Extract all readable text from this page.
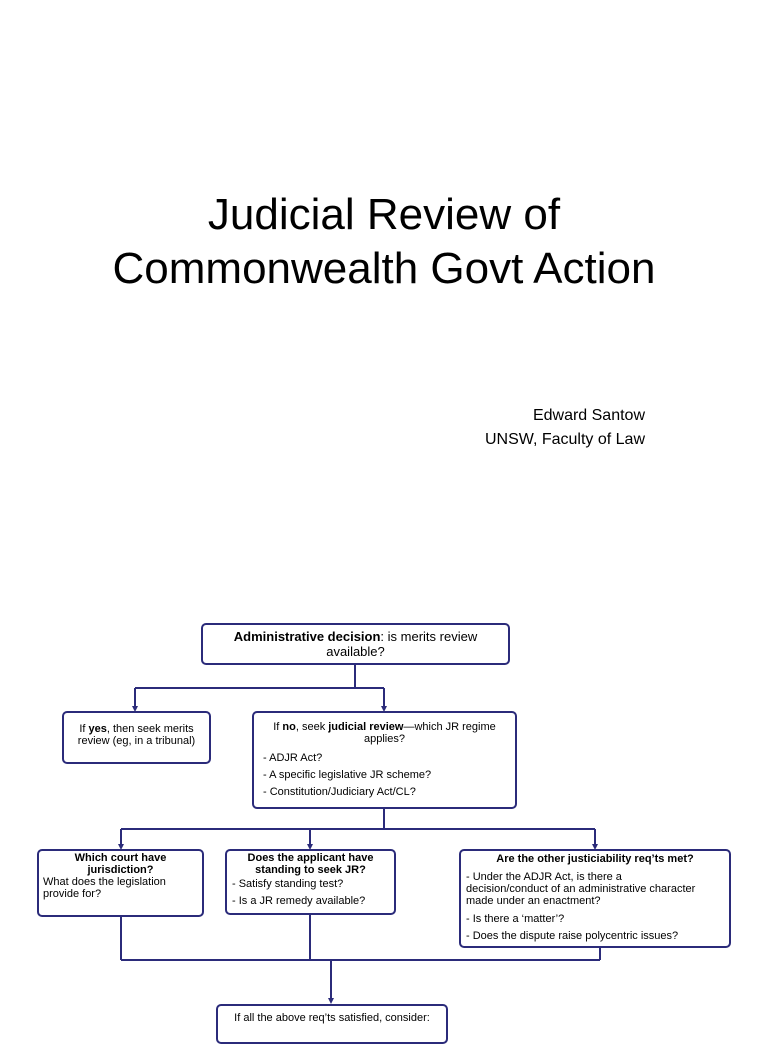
Judicial Review of
Commonwealth Govt Action
Edward Santow
UNSW, Faculty of Law
Administrative decision: is merits review
available?
If yes, then seek merits
review (eg, in a tribunal)
If no, seek judicial review—which JR regime
applies?
- ADJR Act?
- A specific legislative JR scheme?
- Constitution/Judiciary Act/CL?
Which court have
jurisdiction?
What does the legislation
provide for?
Does the applicant have
standing to seek JR?
- Satisfy standing test?
- Is a JR remedy available?
Are the other justiciability req’ts met?
- Under the ADJR Act, is there a
decision/conduct of an administrative character
made under an enactment?
- Is there a ‘matter’?
- Does the dispute raise polycentric issues?
If all the above req’ts satisfied, consider:
